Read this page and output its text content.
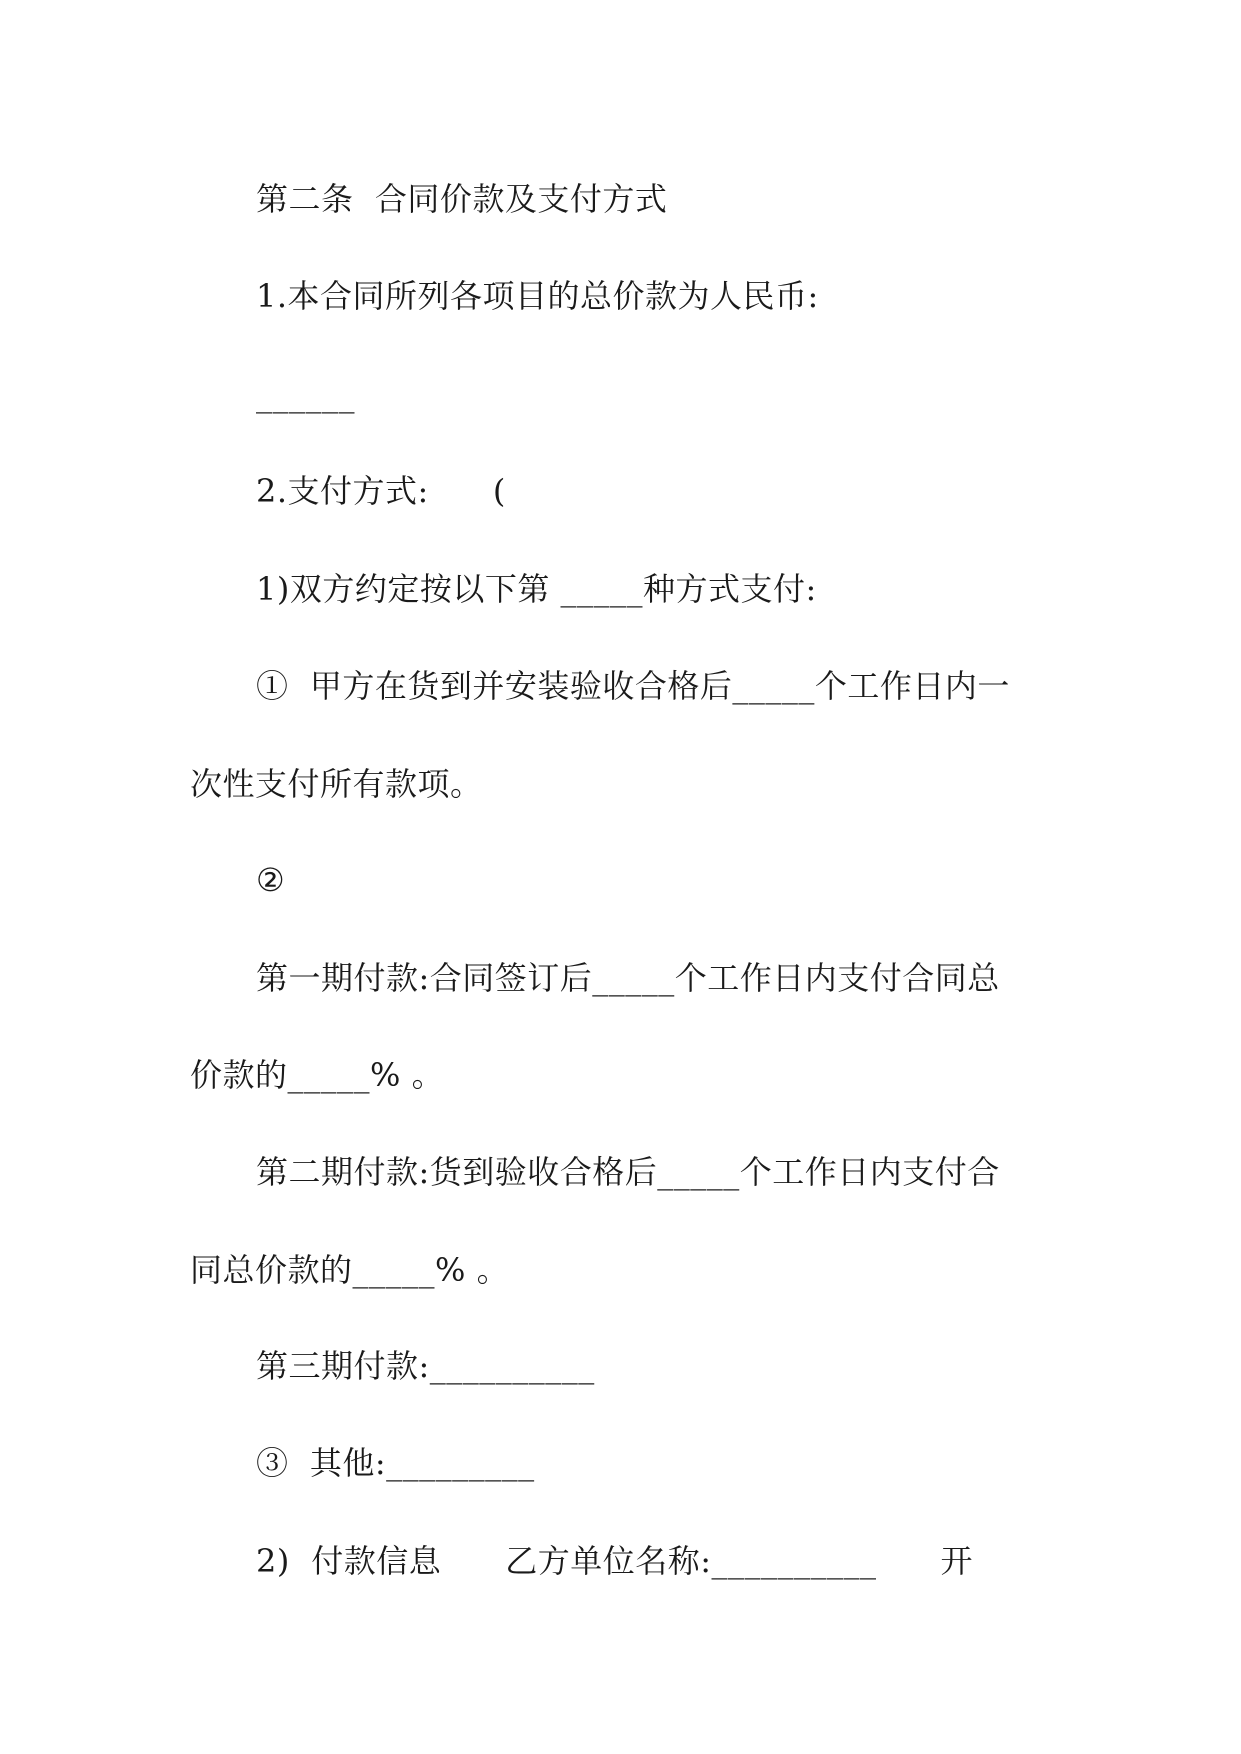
第二条  合同价款及支付方式
1.本合同所列各项目的总价款为人民币:
______
2.支付方式:      (
1)双方约定按以下第 _____种方式支付:
①  甲方在货到并安装验收合格后_____个工作日内一
次性支付所有款项。
②
第一期付款:合同签订后_____个工作日内支付合同总
价款的_____% 。
第二期付款:货到验收合格后_____个工作日内支付合
同总价款的_____% 。
第三期付款:__________
③  其他:_________
2)  付款信息      乙方单位名称:__________      开
